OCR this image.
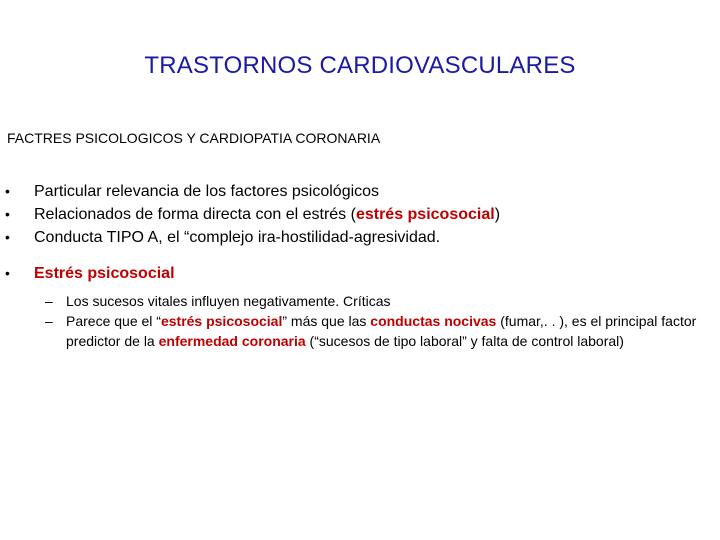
TRASTORNOS CARDIOVASCULARES
FACTRES PSICOLOGICOS Y CARDIOPATIA CORONARIA
•	Particular relevancia de los factores psicológicos
•	Relacionados de forma directa con el estrés (estrés psicosocial)
•	Conducta TIPO A, el “complejo ira-hostilidad-agresividad.
•	Estrés psicosocial
– Los sucesos vitales influyen negativamente. Críticas
– Parece que el “estrés psicosocial” más que las conductas nocivas (fumar,. . ), es el principal factor predictor de la enfermedad coronaria (“sucesos de tipo laboral” y falta de control laboral)
